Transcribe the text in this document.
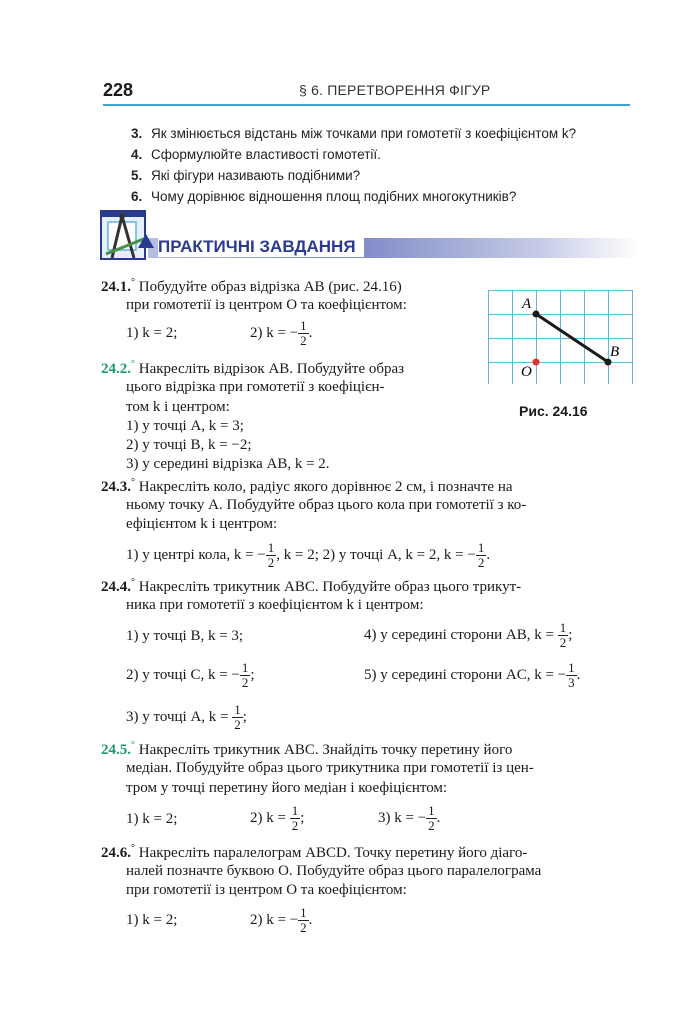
228	§ 6. ПЕРЕТВОРЕННЯ ФІГУР
3. Як змінюється відстань між точками при гомотетії з коефіцієнтом k?
4. Сформулюйте властивості гомотетії.
5. Які фігури називають подібними?
6. Чому дорівнює відношення площ подібних многокутників?
ПРАКТИЧНІ ЗАВДАННЯ
24.1.° Побудуйте образ відрізка AB (рис. 24.16)
при гомотетії із центром O та коефіцієнтом:
1) k = 2;	2) k = − $\frac{1}{2}$ .
A
B
O
Рис. 24.16
24.2.° Накресліть відрізок AB. Побудуйте образ
цього відрізка при гомотетії з коефіцієн-
том k і центром:
1) у точці A, k = 3;
2) у точці B, k = −2;
3) у середині відрізка AB, k = 2.
24.3.° Накресліть коло, радіус якого дорівнює 2 см, і позначте на
ньому точку A. Побудуйте образ цього кола при гомотетії з ко-
ефіцієнтом k і центром:
1) у центрі кола, k = − $\frac{1}{2}$ , k = 2; 2) у точці A, k = 2, k = − $\frac{1}{2}$ .
24.4.° Накресліть трикутник ABC. Побудуйте образ цього трикут-
ника при гомотетії з коефіцієнтом k і центром:
1) у точці B, k = 3;	4) у середині сторони AB, $k = \frac{1}{2}$ ;
2) у точці C, k = − $\frac{1}{2}$ ;	5) у середині сторони AC, k = − $\frac{1}{3}$ .
3) у точці A, $k = \frac{1}{2}$ ;
24.5.° Накресліть трикутник ABC. Знайдіть точку перетину його
медіан. Побудуйте образ цього трикутника при гомотетії із цен-
тром у точці перетину його медіан і коефіцієнтом:
1) k = 2;	2) $k = \frac{1}{2}$ ;	3) k = − $\frac{1}{2}$ .
24.6.° Накресліть паралелограм ABCD. Точку перетину його діаго-
налей позначте буквою O. Побудуйте образ цього паралелограма
при гомотетії із центром O та коефіцієнтом:
1) k = 2;	2) k = − $\frac{1}{2}$ .
